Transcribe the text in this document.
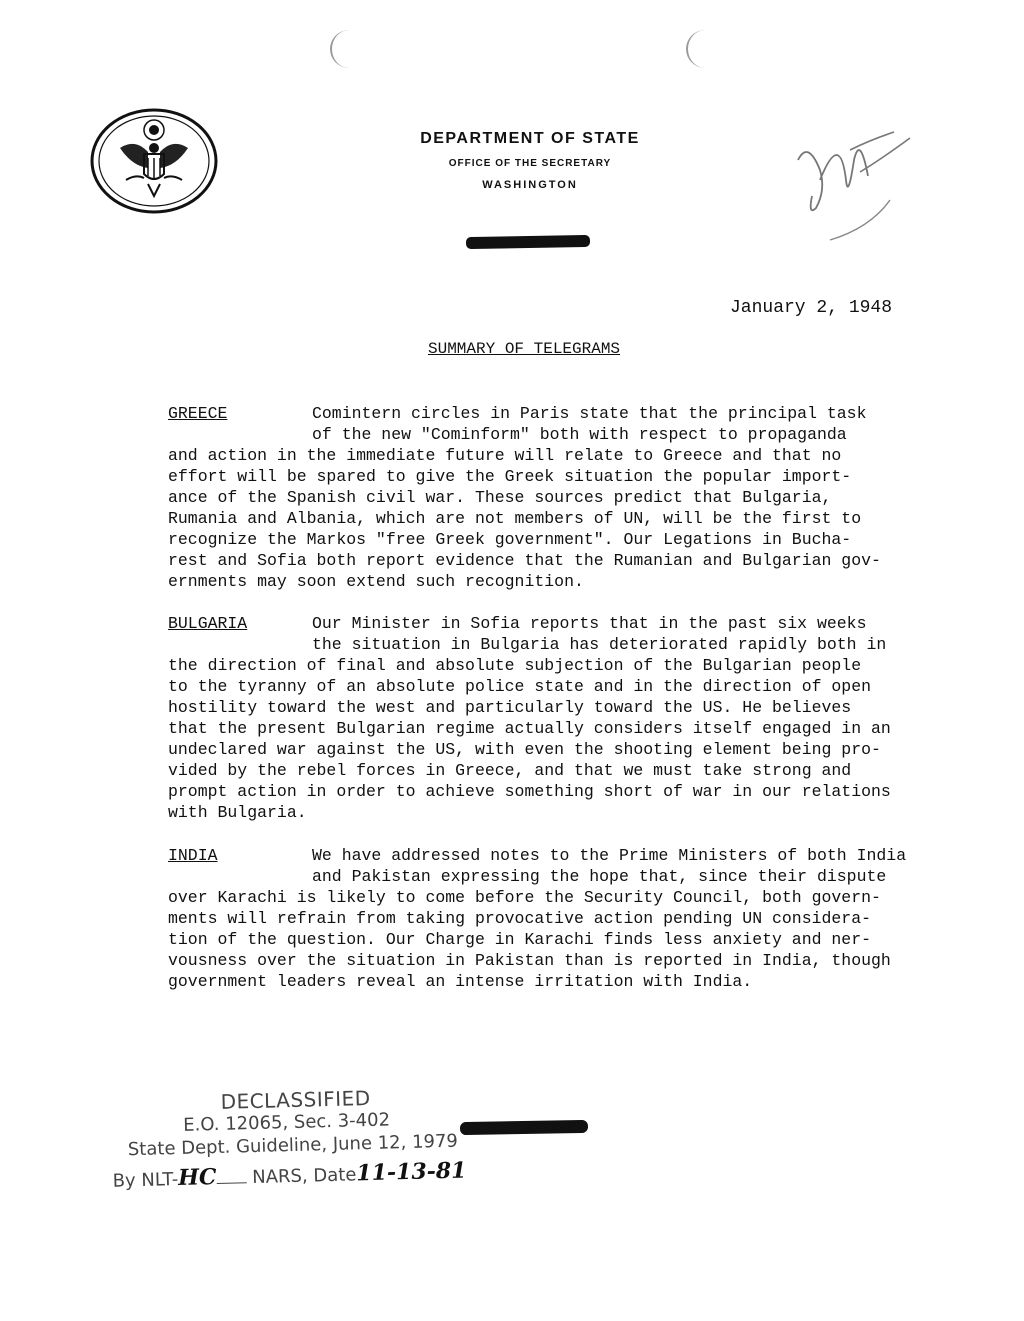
DEPARTMENT OF STATE
OFFICE OF THE SECRETARY
WASHINGTON
January 2, 1948
SUMMARY OF TELEGRAMS
GREECE	Comintern circles in Paris state that the principal task
of the new "Cominform" both with respect to propaganda
and action in the immediate future will relate to Greece and that no
effort will be spared to give the Greek situation the popular import-
ance of the Spanish civil war. These sources predict that Bulgaria,
Rumania and Albania, which are not members of UN, will be the first to
recognize the Markos "free Greek government". Our Legations in Bucha-
rest and Sofia both report evidence that the Rumanian and Bulgarian gov-
ernments may soon extend such recognition.
BULGARIA	Our Minister in Sofia reports that in the past six weeks
the situation in Bulgaria has deteriorated rapidly both in
the direction of final and absolute subjection of the Bulgarian people
to the tyranny of an absolute police state and in the direction of open
hostility toward the west and particularly toward the US. He believes
that the present Bulgarian regime actually considers itself engaged in an
undeclared war against the US, with even the shooting element being pro-
vided by the rebel forces in Greece, and that we must take strong and
prompt action in order to achieve something short of war in our relations
with Bulgaria.
INDIA	We have addressed notes to the Prime Ministers of both India
and Pakistan expressing the hope that, since their dispute
over Karachi is likely to come before the Security Council, both govern-
ments will refrain from taking provocative action pending UN considera-
tion of the question. Our Charge in Karachi finds less anxiety and ner-
vousness over the situation in Pakistan than is reported in India, though
government leaders reveal an intense irritation with India.
DECLASSIFIED
E.O. 12065, Sec. 3-402
State Dept. Guideline, June 12, 1979
By NLT-HC NARS, Date11-13-81
